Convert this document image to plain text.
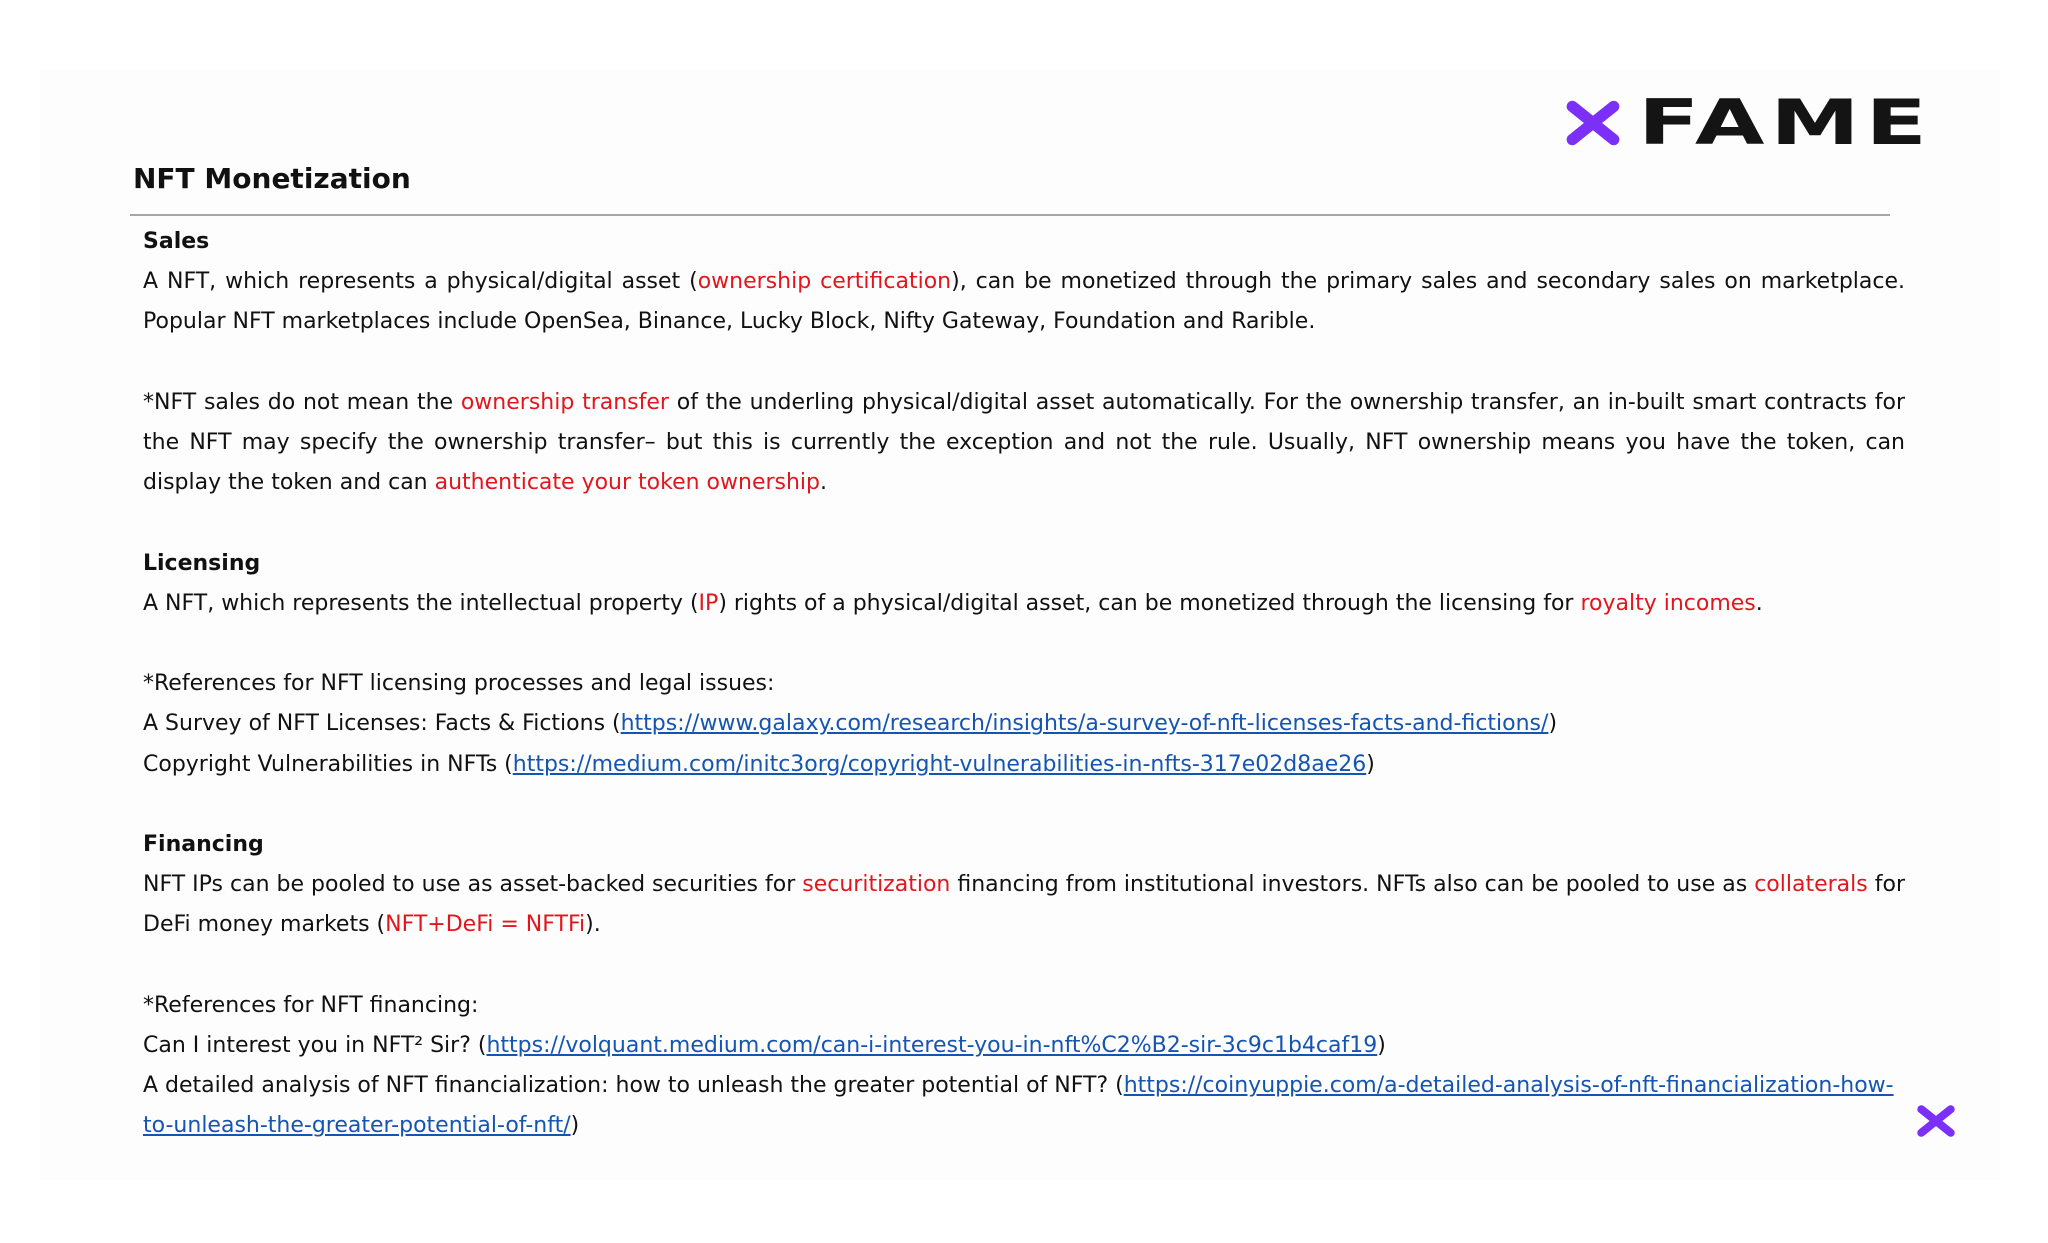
FAME
NFT Monetization

Sales

A NFT, which represents a physical/digital asset (ownership certification), can be monetized through the primary sales and secondary sales on marketplace. Popular NFT marketplaces include OpenSea, Binance, Lucky Block, Nifty Gateway, Foundation and Rarible.

*NFT sales do not mean the ownership transfer of the underling physical/digital asset automatically. For the ownership transfer, an in-built smart contracts for the NFT may specify the ownership transfer– but this is currently the exception and not the rule. Usually, NFT ownership means you have the token, can display the token and can authenticate your token ownership.

Licensing

A NFT, which represents the intellectual property (IP) rights of a physical/digital asset, can be monetized through the licensing for royalty incomes.

*References for NFT licensing processes and legal issues:

A Survey of NFT Licenses: Facts & Fictions (https://www.galaxy.com/research/insights/a-survey-of-nft-licenses-facts-and-fictions/)

Copyright Vulnerabilities in NFTs (https://medium.com/initc3org/copyright-vulnerabilities-in-nfts-317e02d8ae26)

Financing

NFT IPs can be pooled to use as asset-backed securities for securitization financing from institutional investors. NFTs also can be pooled to use as collaterals for DeFi money markets (NFT+DeFi = NFTFi).

*References for NFT financing:

Can I interest you in NFT² Sir? (https://volquant.medium.com/can-i-interest-you-in-nft%C2%B2-sir-3c9c1b4caf19)

A detailed analysis of NFT financialization: how to unleash the greater potential of NFT? (https://coinyuppie.com/a-detailed-analysis-of-nft-financialization-how-to-unleash-the-greater-potential-of-nft/)
